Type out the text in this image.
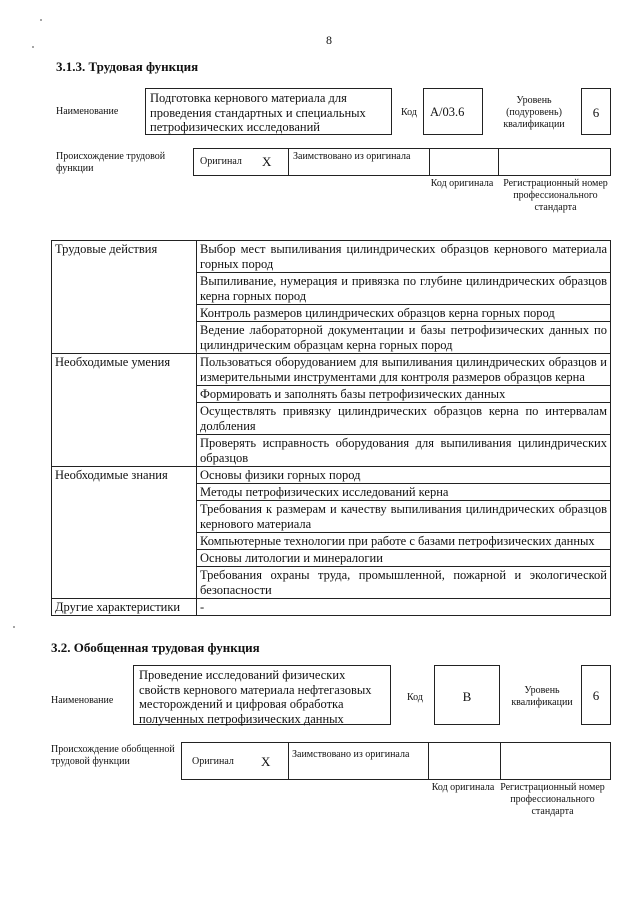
8
3.1.3. Трудовая функция
Наименование
Подготовка кернового материала для проведения стандартных и специальных петрофизических исследований
Код	A/03.6
Уровень (подуровень) квалификации
6
Происхождение трудовой функции
Оригинал X Заимствовано из оригинала
Код оригинала Регистрационный номер профессионального стандарта
Трудовые действия	Выбор мест выпиливания цилиндрических образцов кернового материала горных пород
	Выпиливание, нумерация и привязка по глубине цилиндрических образцов керна горных пород
	Контроль размеров цилиндрических образцов керна горных пород
	Ведение лабораторной документации и базы петрофизических данных по цилиндрическим образцам керна горных пород
Необходимые умения	Пользоваться оборудованием для выпиливания цилиндрических образцов и измерительными инструментами для контроля размеров образцов керна
	Формировать и заполнять базы петрофизических данных
	Осуществлять привязку цилиндрических образцов керна по интервалам долбления
	Проверять исправность оборудования для выпиливания цилиндрических образцов
Необходимые знания	Основы физики горных пород
	Методы петрофизических исследований керна
	Требования к размерам и качеству выпиливания цилиндрических образцов кернового материала
	Компьютерные технологии при работе с базами петрофизических данных
	Основы литологии и минералогии
	Требования охраны труда, промышленной, пожарной и экологической безопасности
Другие характеристики	-
3.2. Обобщенная трудовая функция
Наименование
Проведение исследований физических свойств кернового материала нефтегазовых месторождений и цифровая обработка полученных петрофизических данных
Код	B	Уровень квалификации	6
Происхождение обобщенной трудовой функции	Оригинал X Заимствовано из оригинала
Код оригинала Регистрационный номер профессионального стандарта
